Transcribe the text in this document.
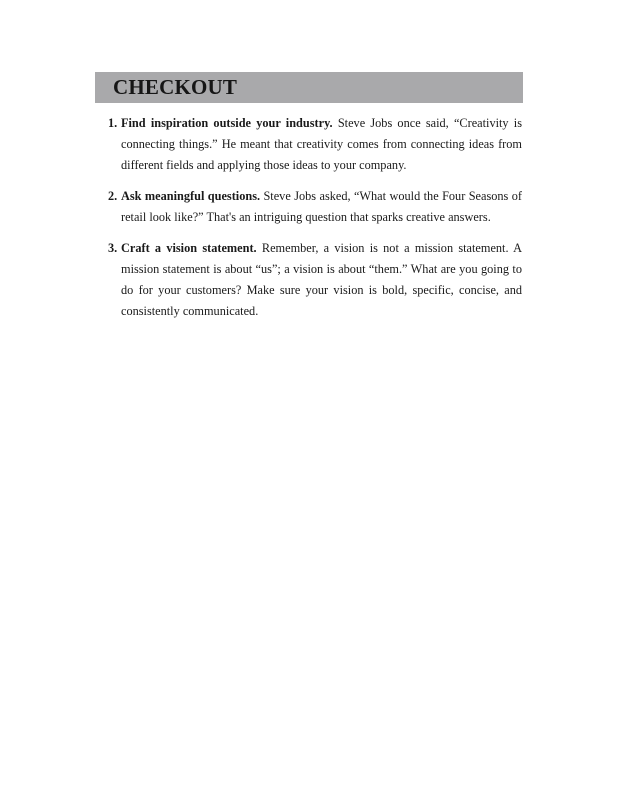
CHECKOUT
1. Find inspiration outside your industry. Steve Jobs once said, “Creativity is connecting things.” He meant that creativity comes from connecting ideas from different fields and applying those ideas to your company.
2. Ask meaningful questions. Steve Jobs asked, “What would the Four Seasons of retail look like?” That's an intriguing question that sparks creative answers.
3. Craft a vision statement. Remember, a vision is not a mission statement. A mission statement is about “us”; a vision is about “them.” What are you going to do for your customers? Make sure your vision is bold, specific, concise, and consistently communicated.
